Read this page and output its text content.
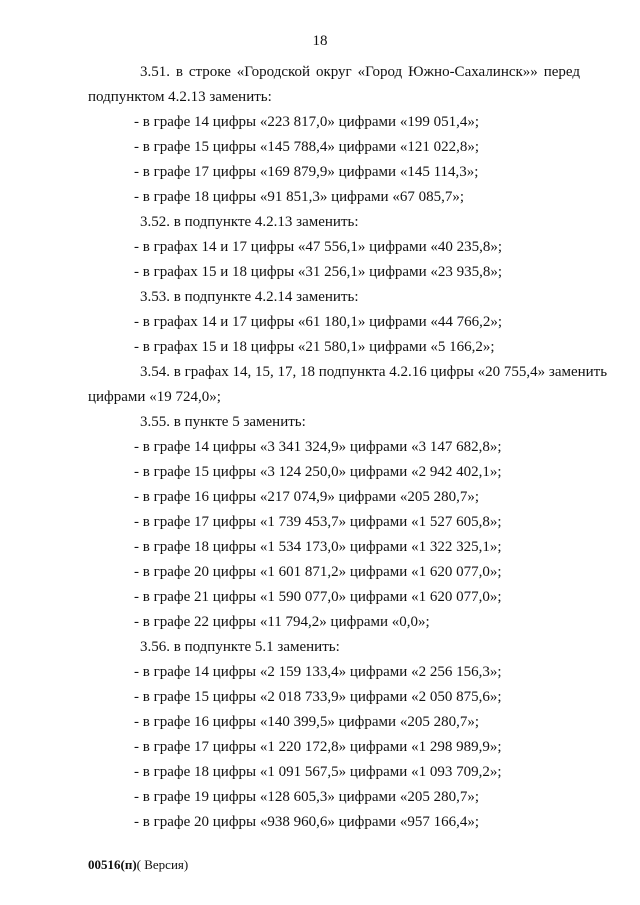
18
3.51. в строке «Городской округ «Город Южно-Сахалинск»» перед
подпунктом 4.2.13 заменить:
- в графе 14 цифры «223 817,0» цифрами «199 051,4»;
- в графе 15 цифры «145 788,4» цифрами «121 022,8»;
- в графе 17 цифры «169 879,9» цифрами «145 114,3»;
- в графе 18 цифры «91 851,3» цифрами «67 085,7»;
3.52. в подпункте 4.2.13 заменить:
- в графах 14 и 17 цифры «47 556,1» цифрами «40 235,8»;
- в графах 15 и 18 цифры «31 256,1» цифрами «23 935,8»;
3.53. в подпункте 4.2.14 заменить:
- в графах 14 и 17 цифры «61 180,1» цифрами «44 766,2»;
- в графах 15 и 18 цифры «21 580,1» цифрами «5 166,2»;
3.54. в графах 14, 15, 17, 18 подпункта 4.2.16 цифры «20 755,4» заменить
цифрами «19 724,0»;
3.55. в пункте 5 заменить:
- в графе 14 цифры «3 341 324,9» цифрами «3 147 682,8»;
- в графе 15 цифры «3 124 250,0» цифрами «2 942 402,1»;
- в графе 16 цифры «217 074,9» цифрами «205 280,7»;
- в графе 17 цифры «1 739 453,7» цифрами «1 527 605,8»;
- в графе 18 цифры «1 534 173,0» цифрами «1 322 325,1»;
- в графе 20 цифры «1 601 871,2» цифрами «1 620 077,0»;
- в графе 21 цифры «1 590 077,0» цифрами «1 620 077,0»;
- в графе 22 цифры «11 794,2» цифрами «0,0»;
3.56. в подпункте 5.1 заменить:
- в графе 14 цифры «2 159 133,4» цифрами «2 256 156,3»;
- в графе 15 цифры «2 018 733,9» цифрами «2 050 875,6»;
- в графе 16 цифры «140 399,5» цифрами «205 280,7»;
- в графе 17 цифры «1 220 172,8» цифрами «1 298 989,9»;
- в графе 18 цифры «1 091 567,5» цифрами «1 093 709,2»;
- в графе 19 цифры «128 605,3» цифрами «205 280,7»;
- в графе 20 цифры «938 960,6» цифрами «957 166,4»;
00516(п)( Версия)
